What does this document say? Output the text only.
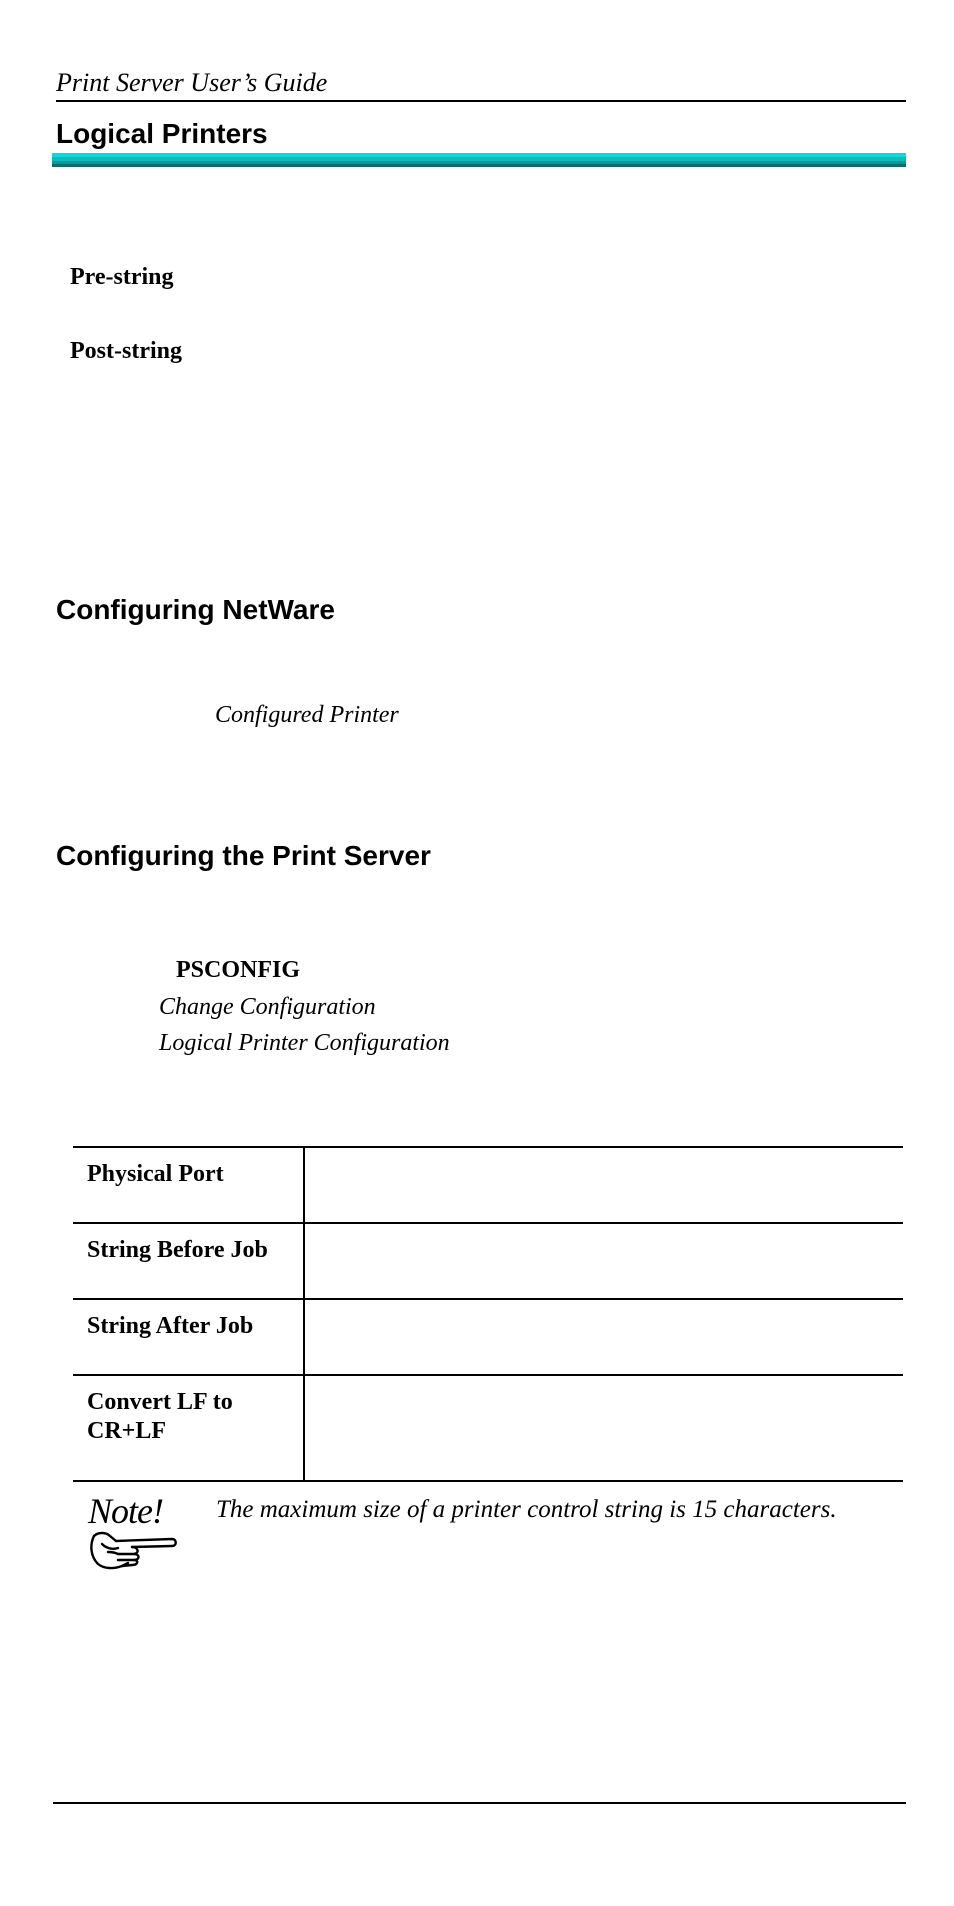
Print Server User’s Guide
Logical Printers
Pre-string
Post-string
Configuring NetWare
Configured Printer
Configuring the Print Server
PSCONFIG
Change Configuration
Logical Printer Configuration
Physical Port	
String Before Job	
String After Job	
Convert LF to CR+LF	
Note! The maximum size of a printer control string is 15 characters.
